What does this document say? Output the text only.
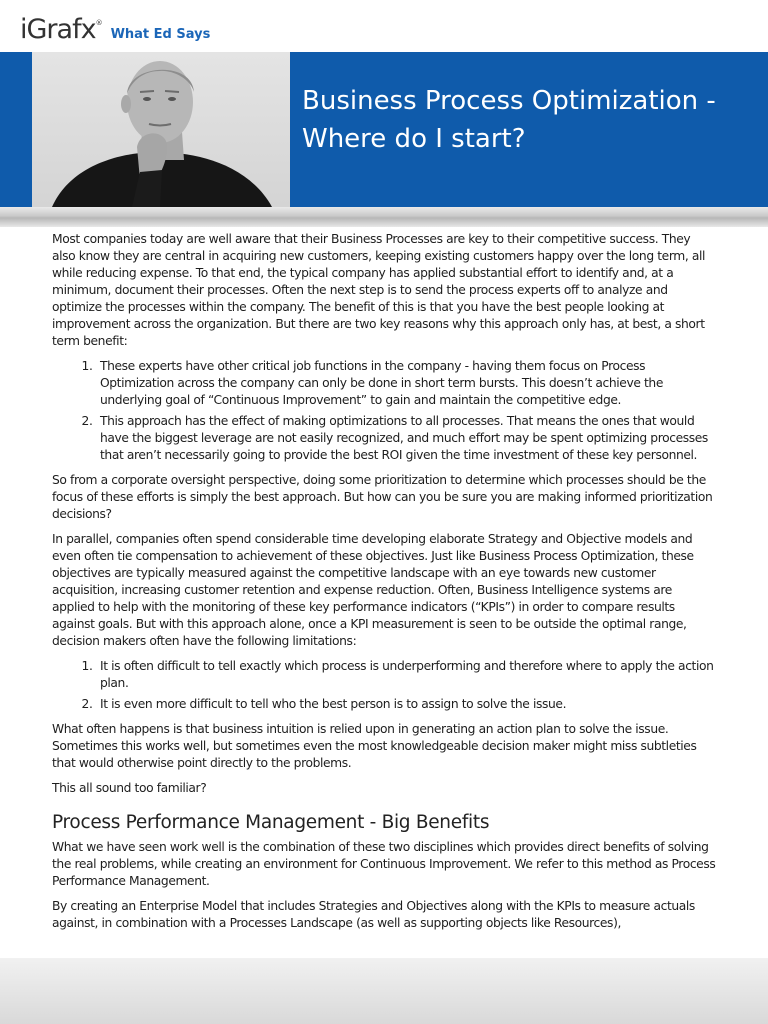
iGrafx ®
What Ed Says
Business Process Optimization - Where do I start?

Most companies today are well aware that their Business Processes are key to their competitive success. They also know they are central in acquiring new customers, keeping existing customers happy over the long term, all while reducing expense. To that end, the typical company has applied substantial effort to identify and, at a minimum, document their processes. Often the next step is to send the process experts off to analyze and optimize the processes within the company. The benefit of this is that you have the best people looking at improvement across the organization. But there are two key reasons why this approach only has, at best, a short term benefit:

1. These experts have other critical job functions in the company - having them focus on Process Optimization across the company can only be done in short term bursts. This doesn’t achieve the underlying goal of “Continuous Improvement” to gain and maintain the competitive edge.
2. This approach has the effect of making optimizations to all processes. That means the ones that would have the biggest leverage are not easily recognized, and much effort may be spent optimizing processes that aren’t necessarily going to provide the best ROI given the time investment of these key personnel.

So from a corporate oversight perspective, doing some prioritization to determine which processes should be the focus of these efforts is simply the best approach. But how can you be sure you are making informed prioritization decisions?

In parallel, companies often spend considerable time developing elaborate Strategy and Objective models and even often tie compensation to achievement of these objectives. Just like Business Process Optimization, these objectives are typically measured against the competitive landscape with an eye towards new customer acquisition, increasing customer retention and expense reduction. Often, Business Intelligence systems are applied to help with the monitoring of these key performance indicators (“KPIs”) in order to compare results against goals. But with this approach alone, once a KPI measurement is seen to be outside the optimal range, decision makers often have the following limitations:

1. It is often difficult to tell exactly which process is underperforming and therefore where to apply the action plan.
2. It is even more difficult to tell who the best person is to assign to solve the issue.

What often happens is that business intuition is relied upon in generating an action plan to solve the issue. Sometimes this works well, but sometimes even the most knowledgeable decision maker might miss subtleties that would otherwise point directly to the problems.

This all sound too familiar?

Process Performance Management - Big Benefits

What we have seen work well is the combination of these two disciplines which provides direct benefits of solving the real problems, while creating an environment for Continuous Improvement. We refer to this method as Process Performance Management.

By creating an Enterprise Model that includes Strategies and Objectives along with the KPIs to measure actuals against, in combination with a Processes Landscape (as well as supporting objects like Resources),
